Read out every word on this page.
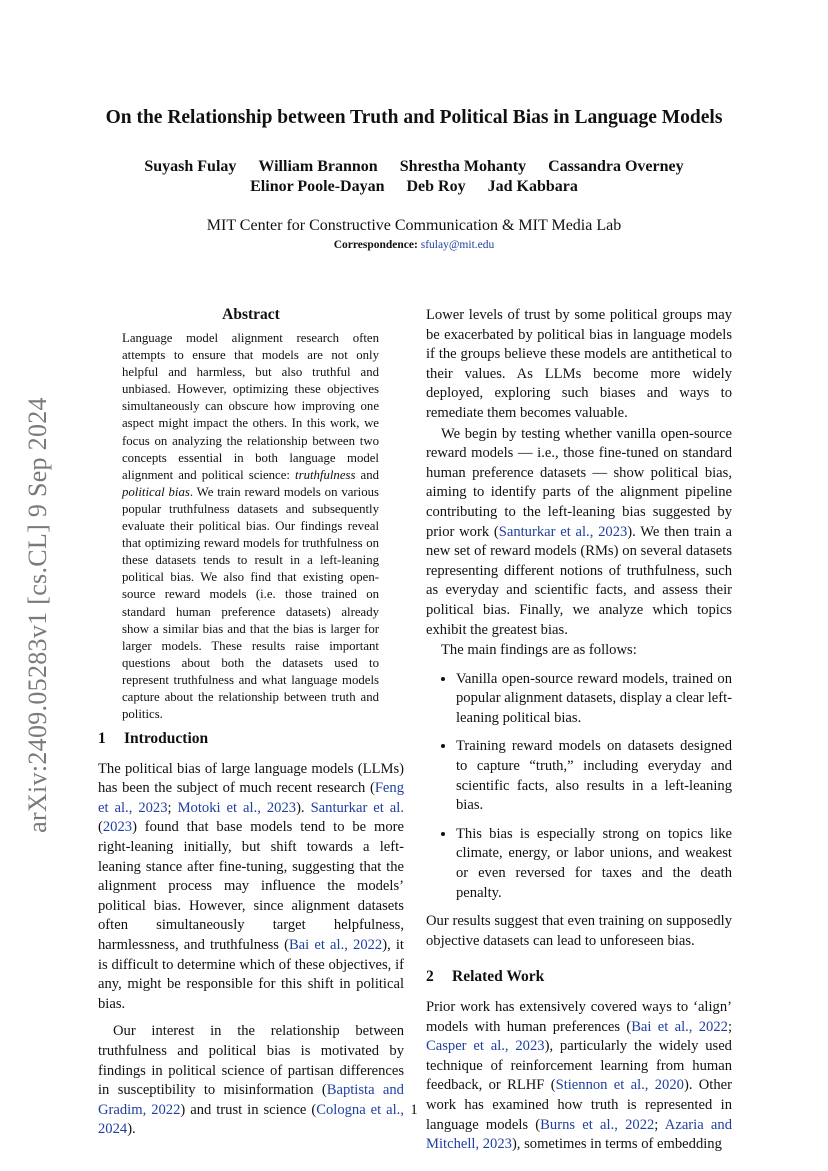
arXiv:2409.05283v1 [cs.CL] 9 Sep 2024
On the Relationship between Truth and Political Bias in Language Models
Suyash Fulay William Brannon Shrestha Mohanty Cassandra Overney
Elinor Poole-Dayan Deb Roy Jad Kabbara
MIT Center for Constructive Communication & MIT Media Lab
Correspondence: sfulay@mit.edu
Abstract
Language model alignment research often attempts to ensure that models are not only helpful and harmless, but also truthful and unbiased. However, optimizing these objectives simultaneously can obscure how improving one aspect might impact the others. In this work, we focus on analyzing the relationship between two concepts essential in both language model alignment and political science: truthfulness and political bias. We train reward models on various popular truthfulness datasets and subsequently evaluate their political bias. Our findings reveal that optimizing reward models for truthfulness on these datasets tends to result in a left-leaning political bias. We also find that existing open-source reward models (i.e. those trained on standard human preference datasets) already show a similar bias and that the bias is larger for larger models. These results raise important questions about both the datasets used to represent truthfulness and what language models capture about the relationship between truth and politics.
1 Introduction

The political bias of large language models (LLMs) has been the subject of much recent research (Feng et al., 2023; Motoki et al., 2023). Santurkar et al. (2023) found that base models tend to be more right-leaning initially, but shift towards a left-leaning stance after fine-tuning, suggesting that the alignment process may influence the models’ political bias. However, since alignment datasets often simultaneously target helpfulness, harmlessness, and truthfulness (Bai et al., 2022), it is difficult to determine which of these objectives, if any, might be responsible for this shift in political bias.

Our interest in the relationship between truthfulness and political bias is motivated by findings in political science of partisan differences in susceptibility to misinformation (Baptista and Gradim, 2022) and trust in science (Cologna et al., 2024).

Lower levels of trust by some political groups may be exacerbated by political bias in language models if the groups believe these models are antithetical to their values. As LLMs become more widely deployed, exploring such biases and ways to remediate them becomes valuable.

We begin by testing whether vanilla open-source reward models — i.e., those fine-tuned on standard human preference datasets — show political bias, aiming to identify parts of the alignment pipeline contributing to the left-leaning bias suggested by prior work (Santurkar et al., 2023). We then train a new set of reward models (RMs) on several datasets representing different notions of truthfulness, such as everyday and scientific facts, and assess their political bias. Finally, we analyze which topics exhibit the greatest bias.

The main findings are as follows:

• Vanilla open-source reward models, trained on popular alignment datasets, display a clear left-leaning political bias.
• Training reward models on datasets designed to capture “truth,” including everyday and scientific facts, also results in a left-leaning bias.
• This bias is especially strong on topics like climate, energy, or labor unions, and weakest or even reversed for taxes and the death penalty.

Our results suggest that even training on supposedly objective datasets can lead to unforeseen bias.

2 Related Work

Prior work has extensively covered ways to ‘align’ models with human preferences (Bai et al., 2022; Casper et al., 2023), particularly the widely used technique of reinforcement learning from human feedback, or RLHF (Stiennon et al., 2020). Other work has examined how truth is represented in language models (Burns et al., 2022; Azaria and Mitchell, 2023), sometimes in terms of embedding

1
